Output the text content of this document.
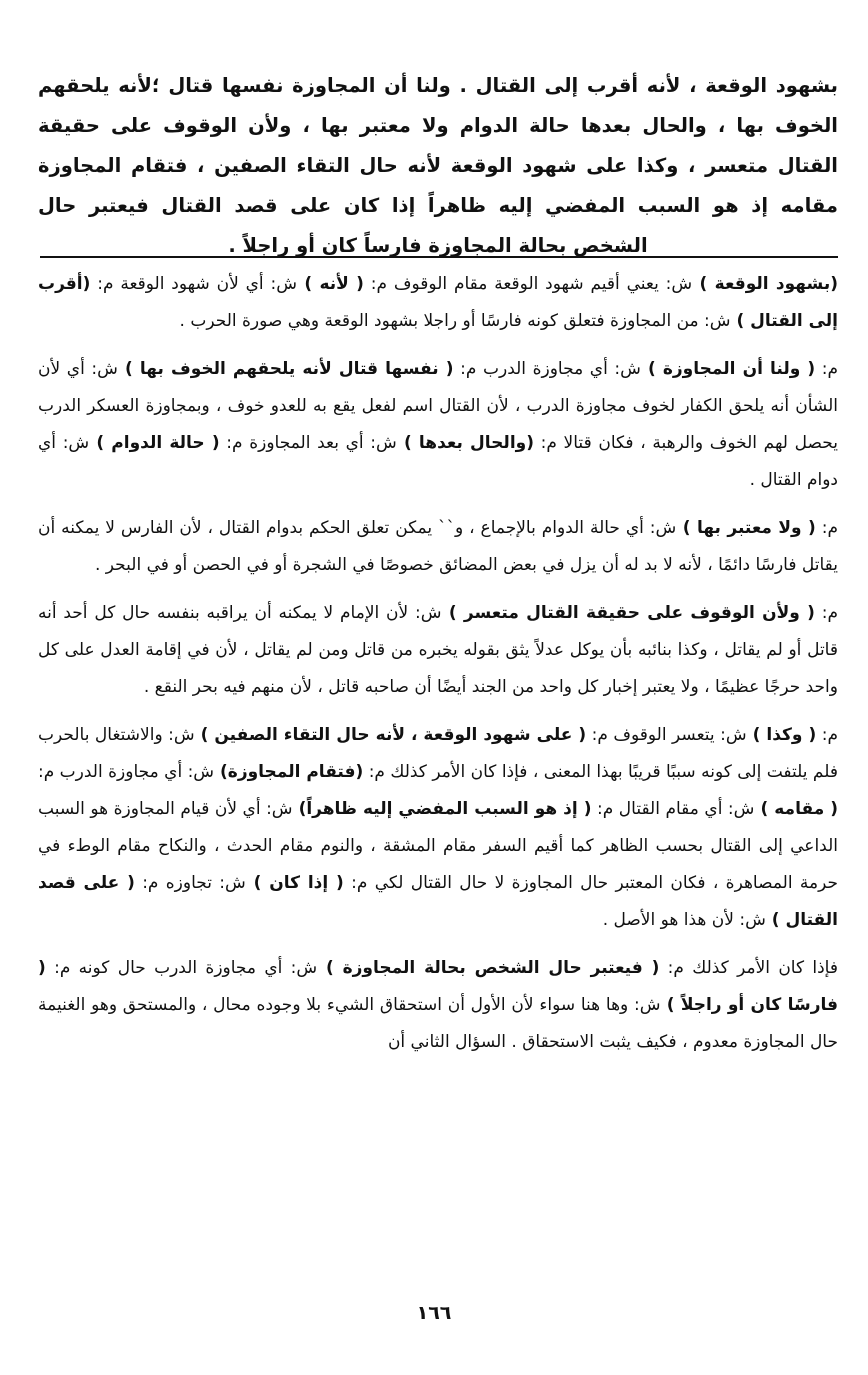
بشهود الوقعة ، لأنه أقرب إلى القتال . ولنا أن المجاوزة نفسها قتال ؛لأنه يلحقهم الخوف بها ، والحال بعدها حالة الدوام ولا معتبر بها ، ولأن الوقوف على حقيقة القتال متعسر ، وكذا على شهود الوقعة لأنه حال التقاء الصفين ، فتقام المجاوزة مقامه إذ هو السبب المفضي إليه ظاهراً إذا كان على قصد القتال فيعتبر حال الشخص بحالة المجاوزة فارساً كان أو راجلاً .

(بشهود الوقعة ) ش: يعني أقيم شهود الوقعة مقام الوقوف م: ( لأنه ) ش: أي لأن شهود الوقعة م: (أقرب إلى القتال ) ش: من المجاوزة فتعلق كونه فارسًا أو راجلا بشهود الوقعة وهي صورة الحرب .

م: ( ولنا أن المجاوزة ) ش: أي مجاوزة الدرب م: ( نفسها قتال لأنه يلحقهم الخوف بها ) ش: أي لأن الشأن أنه يلحق الكفار لخوف مجاوزة الدرب ، لأن القتال اسم لفعل يقع به للعدو خوف ، وبمجاوزة العسكر الدرب يحصل لهم الخوف والرهبة ، فكان قتالا م: (والحال بعدها ) ش: أي بعد المجاوزة م: ( حالة الدوام ) ش: أي دوام القتال .

م: ( ولا معتبر بها ) ش: أي حالة الدوام بالإجماع ، و`` يمكن تعلق الحكم بدوام القتال ، لأن الفارس لا يمكنه أن يقاتل فارسًا دائمًا ، لأنه لا بد له أن يزل في بعض المضائق خصوصًا في الشجرة أو في الحصن أو في البحر .

م: ( ولأن الوقوف على حقيقة القتال متعسر ) ش: لأن الإمام لا يمكنه أن يراقبه بنفسه حال كل أحد أنه قاتل أو لم يقاتل ، وكذا بنائبه بأن يوكل عدلاً يثق بقوله يخبره من قاتل ومن لم يقاتل ، لأن في إقامة العدل على كل واحد حرجًا عظيمًا ، ولا يعتبر إخبار كل واحد من الجند أيضًا أن صاحبه قاتل ، لأن منهم فيه بحر النقع .

م: ( وكذا ) ش: يتعسر الوقوف م: ( على شهود الوقعة ، لأنه حال التقاء الصفين ) ش: والاشتغال بالحرب فلم يلتفت إلى كونه سببًا قريبًا بهذا المعنى ، فإذا كان الأمر كذلك م: (فتقام المجاوزة) ش: أي مجاوزة الدرب م: ( مقامه ) ش: أي مقام القتال م: ( إذ هو السبب المفضي إليه ظاهراً) ش: أي لأن قيام المجاوزة هو السبب الداعي إلى القتال بحسب الظاهر كما أقيم السفر مقام المشقة ، والنوم مقام الحدث ، والنكاح مقام الوطء في حرمة المصاهرة ، فكان المعتبر حال المجاوزة لا حال القتال لكي م: ( إذا كان ) ش: تجاوزه م: ( على قصد القتال ) ش: لأن هذا هو الأصل .

فإذا كان الأمر كذلك م: ( فيعتبر حال الشخص بحالة المجاوزة ) ش: أي مجاوزة الدرب حال كونه م: ( فارسًا كان أو راجلاً ) ش: وها هنا سواء لأن الأول أن استحقاق الشيء بلا وجوده محال ، والمستحق وهو الغنيمة حال المجاوزة معدوم ، فكيف يثبت الاستحقاق . السؤال الثاني أن

١٦٦
